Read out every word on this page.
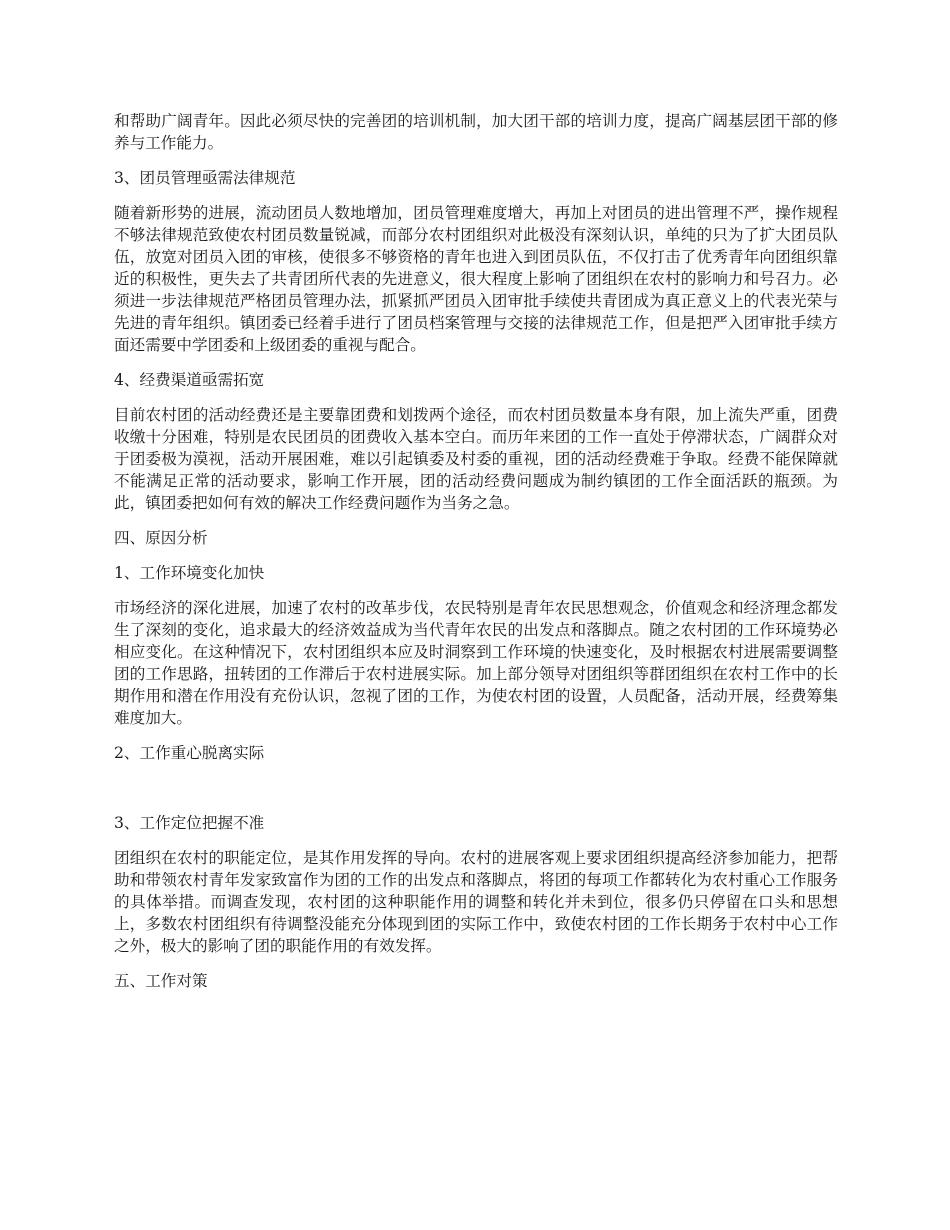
和帮助广阔青年。因此必须尽快的完善团的培训机制，加大团干部的培训力度，提高广阔基层团干部的修养与工作能力。

3、团员管理亟需法律规范

随着新形势的进展，流动团员人数地增加，团员管理难度增大，再加上对团员的进出管理不严，操作规程不够法律规范致使农村团员数量锐减，而部分农村团组织对此极没有深刻认识，单纯的只为了扩大团员队伍，放宽对团员入团的审核，使很多不够资格的青年也进入到团员队伍，不仅打击了优秀青年向团组织靠近的积极性，更失去了共青团所代表的先进意义，很大程度上影响了团组织在农村的影响力和号召力。必须进一步法律规范严格团员管理办法，抓紧抓严团员入团审批手续使共青团成为真正意义上的代表光荣与先进的青年组织。镇团委已经着手进行了团员档案管理与交接的法律规范工作，但是把严入团审批手续方面还需要中学团委和上级团委的重视与配合。

4、经费渠道亟需拓宽

目前农村团的活动经费还是主要靠团费和划拨两个途径，而农村团员数量本身有限，加上流失严重，团费收缴十分困难，特别是农民团员的团费收入基本空白。而历年来团的工作一直处于停滞状态，广阔群众对于团委极为漠视，活动开展困难，难以引起镇委及村委的重视，团的活动经费难于争取。经费不能保障就不能满足正常的活动要求，影响工作开展，团的活动经费问题成为制约镇团的工作全面活跃的瓶颈。为此，镇团委把如何有效的解决工作经费问题作为当务之急。

四、原因分析

1、工作环境变化加快

市场经济的深化进展，加速了农村的改革步伐，农民特别是青年农民思想观念，价值观念和经济理念都发生了深刻的变化，追求最大的经济效益成为当代青年农民的出发点和落脚点。随之农村团的工作环境势必相应变化。在这种情况下，农村团组织本应及时洞察到工作环境的快速变化，及时根据农村进展需要调整团的工作思路，扭转团的工作滞后于农村进展实际。加上部分领导对团组织等群团组织在农村工作中的长期作用和潜在作用没有充份认识，忽视了团的工作，为使农村团的设置，人员配备，活动开展，经费筹集难度加大。

2、工作重心脱离实际

3、工作定位把握不准

团组织在农村的职能定位，是其作用发挥的导向。农村的进展客观上要求团组织提高经济参加能力，把帮助和带领农村青年发家致富作为团的工作的出发点和落脚点，将团的每项工作都转化为农村重心工作服务的具体举措。而调查发现，农村团的这种职能作用的调整和转化并未到位，很多仍只停留在口头和思想上，多数农村团组织有待调整没能充分体现到团的实际工作中，致使农村团的工作长期务于农村中心工作之外，极大的影响了团的职能作用的有效发挥。

五、工作对策
